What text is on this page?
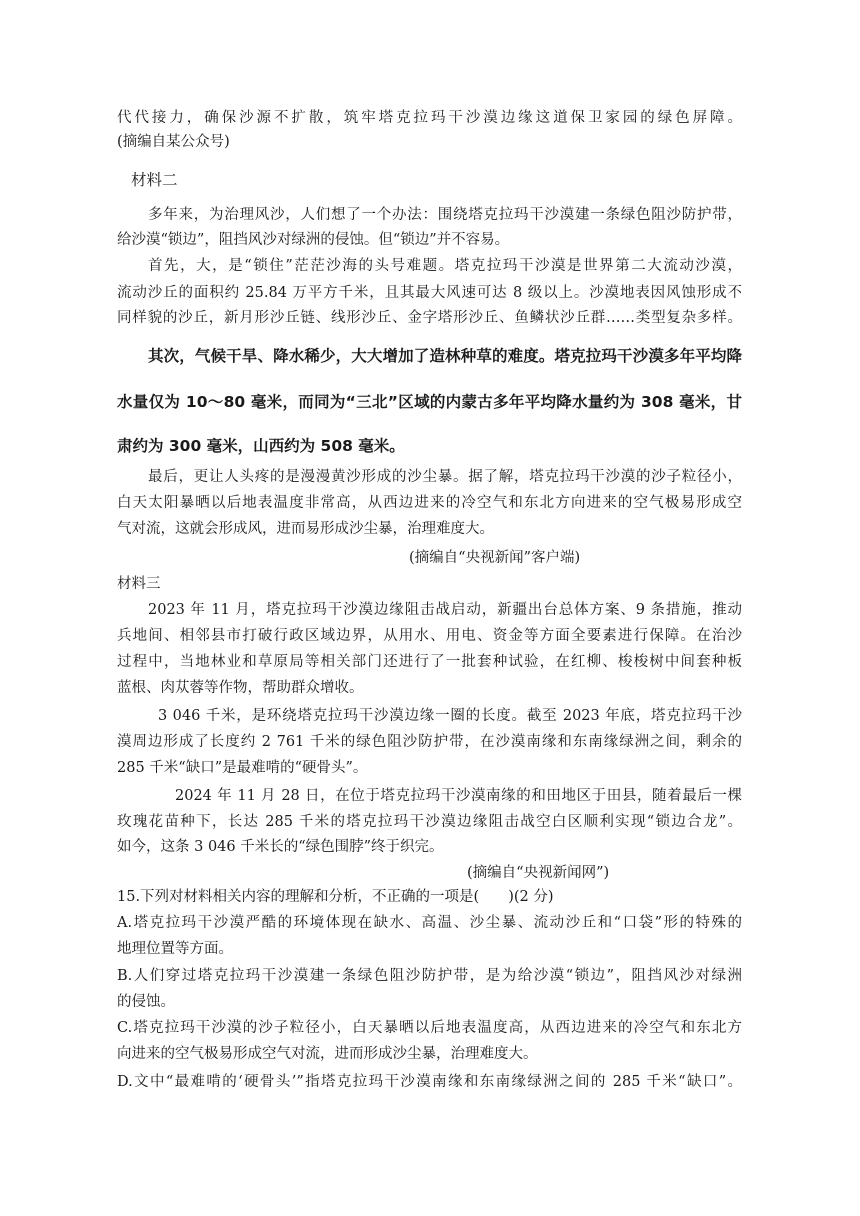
代代接力，确保沙源不扩散，筑牢塔克拉玛干沙漠边缘这道保卫家园的绿色屏障。
(摘编自某公众号)
材料二
多年来，为治理风沙，人们想了一个办法：围绕塔克拉玛干沙漠建一条绿色阻沙防护带，
给沙漠“锁边”，阻挡风沙对绿洲的侵蚀。但“锁边”并不容易。
首先，大，是“锁住”茫茫沙海的头号难题。塔克拉玛干沙漠是世界第二大流动沙漠，
流动沙丘的面积约 25.84 万平方千米，且其最大风速可达 8 级以上。沙漠地表因风蚀形成不
同样貌的沙丘，新月形沙丘链、线形沙丘、金字塔形沙丘、鱼鳞状沙丘群……类型复杂多样。
其次，气候干旱、降水稀少，大大增加了造林种草的难度。塔克拉玛干沙漠多年平均降
水量仅为 10～80 毫米，而同为“三北”区域的内蒙古多年平均降水量约为 308 毫米，甘
肃约为 300 毫米，山西约为 508 毫米。
最后，更让人头疼的是漫漫黄沙形成的沙尘暴。据了解，塔克拉玛干沙漠的沙子粒径小，
白天太阳暴晒以后地表温度非常高，从西边进来的冷空气和东北方向进来的空气极易形成空
气对流，这就会形成风，进而易形成沙尘暴，治理难度大。
(摘编自“央视新闻”客户端)
材料三
2023 年 11 月，塔克拉玛干沙漠边缘阻击战启动，新疆出台总体方案、9 条措施，推动
兵地间、相邻县市打破行政区域边界，从用水、用电、资金等方面全要素进行保障。在治沙
过程中，当地林业和草原局等相关部门还进行了一批套种试验，在红柳、梭梭树中间套种板
蓝根、肉苁蓉等作物，帮助群众增收。
3 046 千米，是环绕塔克拉玛干沙漠边缘一圈的长度。截至 2023 年底，塔克拉玛干沙
漠周边形成了长度约 2 761 千米的绿色阻沙防护带，在沙漠南缘和东南缘绿洲之间，剩余的
285 千米“缺口”是最难啃的“硬骨头”。
2024 年 11 月 28 日，在位于塔克拉玛干沙漠南缘的和田地区于田县，随着最后一棵
玫瑰花苗种下，长达 285 千米的塔克拉玛干沙漠边缘阻击战空白区顺利实现“锁边合龙”。
如今，这条 3 046 千米长的“绿色围脖”终于织完。
(摘编自“央视新闻网”)
15.下列对材料相关内容的理解和分析，不正确的一项是(　　)(2 分)
A.塔克拉玛干沙漠严酷的环境体现在缺水、高温、沙尘暴、流动沙丘和“口袋”形的特殊的
地理位置等方面。
B.人们穿过塔克拉玛干沙漠建一条绿色阻沙防护带，是为给沙漠“锁边”，阻挡风沙对绿洲
的侵蚀。
C.塔克拉玛干沙漠的沙子粒径小，白天暴晒以后地表温度高，从西边进来的冷空气和东北方
向进来的空气极易形成空气对流，进而形成沙尘暴，治理难度大。
D.文中“最难啃的‘硬骨头’”指塔克拉玛干沙漠南缘和东南缘绿洲之间的 285 千米“缺口”。
